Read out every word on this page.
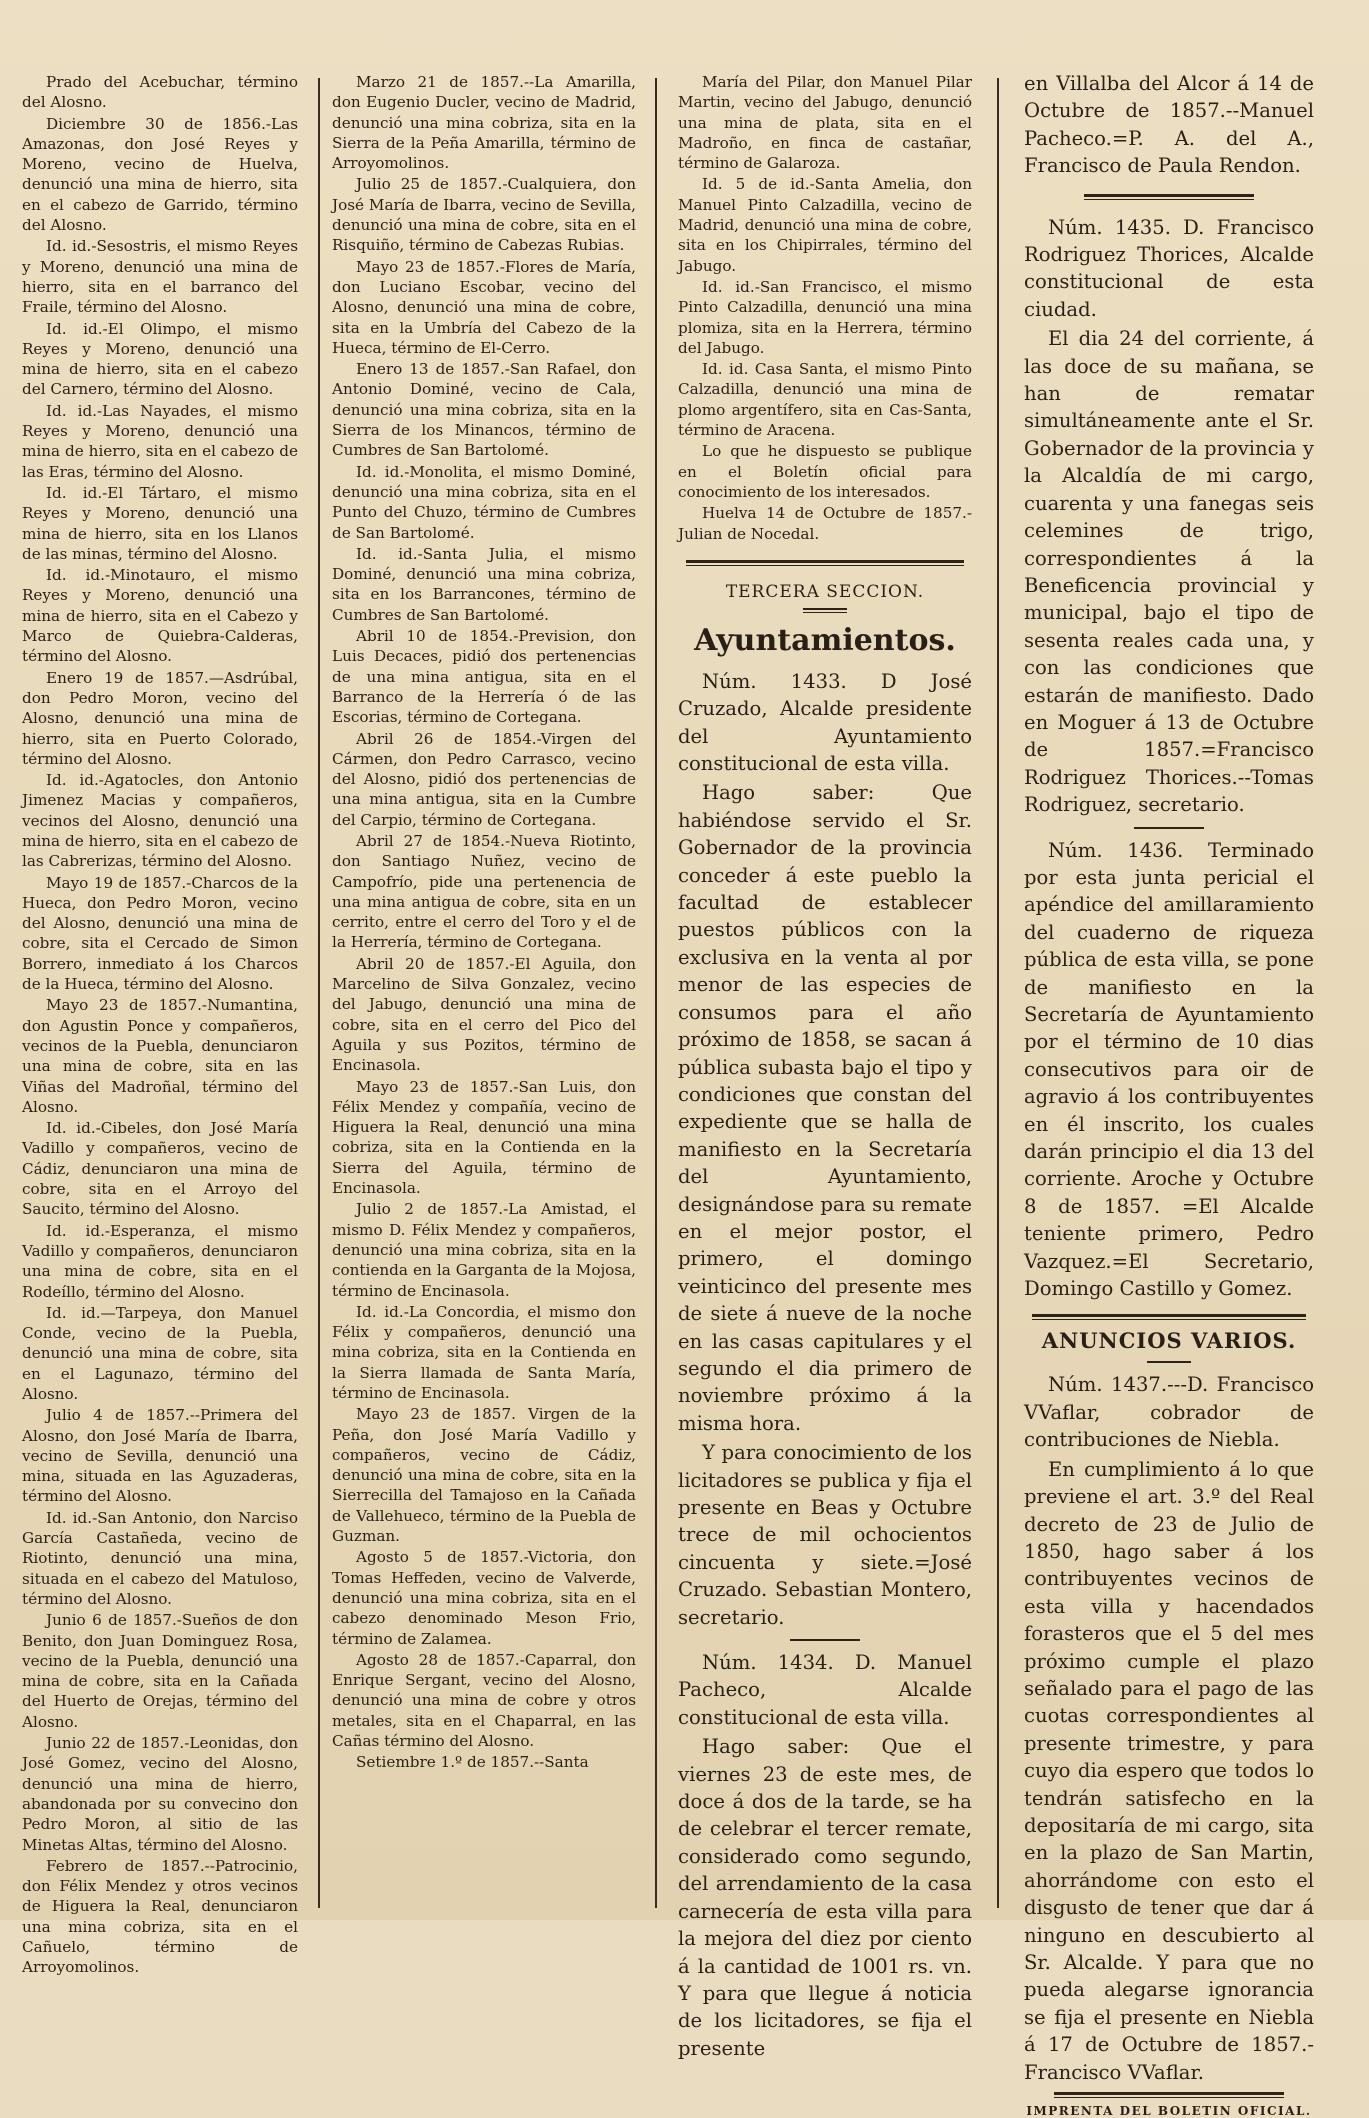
Prado del Acebuchar, término del Alosno.

Diciembre 30 de 1856.-Las Amazonas, don José Reyes y Moreno, vecino de Huelva, denunció una mina de hierro, sita en el cabezo de Garrido, término del Alosno.

Id. id.-Sesostris, el mismo Reyes y Moreno, denunció una mina de hierro, sita en el barranco del Fraile, término del Alosno.

Id. id.-El Olimpo, el mismo Reyes y Moreno, denunció una mina de hierro, sita en el cabezo del Carnero, término del Alosno.

Id. id.-Las Nayades, el mismo Reyes y Moreno, denunció una mina de hierro, sita en el cabezo de las Eras, término del Alosno.

Id. id.-El Tártaro, el mismo Reyes y Moreno, denunció una mina de hierro, sita en los Llanos de las minas, término del Alosno.

Id. id.-Minotauro, el mismo Reyes y Moreno, denunció una mina de hierro, sita en el Cabezo y Marco de Quiebra-Calderas, término del Alosno.

Enero 19 de 1857.—Asdrúbal, don Pedro Moron, vecino del Alosno, denunció una mina de hierro, sita en Puerto Colorado, término del Alosno.

Id. id.-Agatocles, don Antonio Jimenez Macias y compañeros, vecinos del Alosno, denunció una mina de hierro, sita en el cabezo de las Cabrerizas, término del Alosno.

Mayo 19 de 1857.-Charcos de la Hueca, don Pedro Moron, vecino del Alosno, denunció una mina de cobre, sita el Cercado de Simon Borrero, inmediato á los Charcos de la Hueca, término del Alosno.

Mayo 23 de 1857.-Numantina, don Agustin Ponce y compañeros, vecinos de la Puebla, denunciaron una mina de cobre, sita en las Viñas del Madroñal, término del Alosno.

Id. id.-Cibeles, don José María Vadillo y compañeros, vecino de Cádiz, denunciaron una mina de cobre, sita en el Arroyo del Saucito, término del Alosno.

Id. id.-Esperanza, el mismo Vadillo y compañeros, denunciaron una mina de cobre, sita en el Rodeíllo, término del Alosno.

Id. id.—Tarpeya, don Manuel Conde, vecino de la Puebla, denunció una mina de cobre, sita en el Lagunazo, término del Alosno.

Julio 4 de 1857.--Primera del Alosno, don José María de Ibarra, vecino de Sevilla, denunció una mina, situada en las Aguzaderas, término del Alosno.

Id. id.-San Antonio, don Narciso García Castañeda, vecino de Riotinto, denunció una mina, situada en el cabezo del Matuloso, término del Alosno.

Junio 6 de 1857.-Sueños de don Benito, don Juan Dominguez Rosa, vecino de la Puebla, denunció una mina de cobre, sita en la Cañada del Huerto de Orejas, término del Alosno.

Junio 22 de 1857.-Leonidas, don José Gomez, vecino del Alosno, denunció una mina de hierro, abandonada por su convecino don Pedro Moron, al sitio de las Minetas Altas, término del Alosno.

Febrero de 1857.--Patrocinio, don Félix Mendez y otros vecinos de Higuera la Real, denunciaron una mina cobriza, sita en el Cañuelo, término de Arroyomolinos.

Marzo 21 de 1857.--La Amarilla, don Eugenio Ducler, vecino de Madrid, denunció una mina cobriza, sita en la Sierra de la Peña Amarilla, término de Arroyomolinos.

Julio 25 de 1857.-Cualquiera, don José María de Ibarra, vecino de Sevilla, denunció una mina de cobre, sita en el Risquiño, término de Cabezas Rubias.

Mayo 23 de 1857.-Flores de María, don Luciano Escobar, vecino del Alosno, denunció una mina de cobre, sita en la Umbría del Cabezo de la Hueca, término de El-Cerro.

Enero 13 de 1857.-San Rafael, don Antonio Dominé, vecino de Cala, denunció una mina cobriza, sita en la Sierra de los Minancos, término de Cumbres de San Bartolomé.

Id. id.-Monolita, el mismo Dominé, denunció una mina cobriza, sita en el Punto del Chuzo, término de Cumbres de San Bartolomé.

Id. id.-Santa Julia, el mismo Dominé, denunció una mina cobriza, sita en los Barrancones, término de Cumbres de San Bartolomé.

Abril 10 de 1854.-Prevision, don Luis Decaces, pidió dos pertenencias de una mina antigua, sita en el Barranco de la Herrería ó de las Escorias, término de Cortegana.

Abril 26 de 1854.-Virgen del Cármen, don Pedro Carrasco, vecino del Alosno, pidió dos pertenencias de una mina antigua, sita en la Cumbre del Carpio, término de Cortegana.

Abril 27 de 1854.-Nueva Riotinto, don Santiago Nuñez, vecino de Campofrío, pide una pertenencia de una mina antigua de cobre, sita en un cerrito, entre el cerro del Toro y el de la Herrería, término de Cortegana.

Abril 20 de 1857.-El Aguila, don Marcelino de Silva Gonzalez, vecino del Jabugo, denunció una mina de cobre, sita en el cerro del Pico del Aguila y sus Pozitos, término de Encinasola.

Mayo 23 de 1857.-San Luis, don Félix Mendez y compañía, vecino de Higuera la Real, denunció una mina cobriza, sita en la Contienda en la Sierra del Aguila, término de Encinasola.

Julio 2 de 1857.-La Amistad, el mismo D. Félix Mendez y compañeros, denunció una mina cobriza, sita en la contienda en la Garganta de la Mojosa, término de Encinasola.

Id. id.-La Concordia, el mismo don Félix y compañeros, denunció una mina cobriza, sita en la Contienda en la Sierra llamada de Santa María, término de Encinasola.

Mayo 23 de 1857. Virgen de la Peña, don José María Vadillo y compañeros, vecino de Cádiz, denunció una mina de cobre, sita en la Sierrecilla del Tamajoso en la Cañada de Vallehueco, término de la Puebla de Guzman.

Agosto 5 de 1857.-Victoria, don Tomas Heffeden, vecino de Valverde, denunció una mina cobriza, sita en el cabezo denominado Meson Frio, término de Zalamea.

Agosto 28 de 1857.-Caparral, don Enrique Sergant, vecino del Alosno, denunció una mina de cobre y otros metales, sita en el Chaparral, en las Cañas término del Alosno.

Setiembre 1.º de 1857.--Santa

María del Pilar, don Manuel Pilar Martin, vecino del Jabugo, denunció una mina de plata, sita en el Madroño, en finca de castañar, término de Galaroza.

Id. 5 de id.-Santa Amelia, don Manuel Pinto Calzadilla, vecino de Madrid, denunció una mina de cobre, sita en los Chipirrales, término del Jabugo.

Id. id.-San Francisco, el mismo Pinto Calzadilla, denunció una mina plomiza, sita en la Herrera, término del Jabugo.

Id. id. Casa Santa, el mismo Pinto Calzadilla, denunció una mina de plomo argentífero, sita en Cas-Santa, término de Aracena.

Lo que he dispuesto se publique en el Boletín oficial para conocimiento de los interesados.

Huelva 14 de Octubre de 1857.-Julian de Nocedal.

TERCERA SECCION.
Ayuntamientos.

Núm. 1433. D José Cruzado, Alcalde presidente del Ayuntamiento constitucional de esta villa.

Hago saber: Que habiéndose servido el Sr. Gobernador de la provincia conceder á este pueblo la facultad de establecer puestos públicos con la exclusiva en la venta al por menor de las especies de consumos para el año próximo de 1858, se sacan á pública subasta bajo el tipo y condiciones que constan del expediente que se halla de manifiesto en la Secretaría del Ayuntamiento, designándose para su remate en el mejor postor, el primero, el domingo veinticinco del presente mes de siete á nueve de la noche en las casas capitulares y el segundo el dia primero de noviembre próximo á la misma hora.

Y para conocimiento de los licitadores se publica y fija el presente en Beas y Octubre trece de mil ochocientos cincuenta y siete.=José Cruzado. Sebastian Montero, secretario.

Núm. 1434. D. Manuel Pacheco, Alcalde constitucional de esta villa.

Hago saber: Que el viernes 23 de este mes, de doce á dos de la tarde, se ha de celebrar el tercer remate, considerado como segundo, del arrendamiento de la casa carnecería de esta villa para la mejora del diez por ciento á la cantidad de 1001 rs. vn. Y para que llegue á noticia de los licitadores, se fija el presente

en Villalba del Alcor á 14 de Octubre de 1857.--Manuel Pacheco.=P. A. del A., Francisco de Paula Rendon.

Núm. 1435. D. Francisco Rodriguez Thorices, Alcalde constitucional de esta ciudad.

El dia 24 del corriente, á las doce de su mañana, se han de rematar simultáneamente ante el Sr. Gobernador de la provincia y la Alcaldía de mi cargo, cuarenta y una fanegas seis celemines de trigo, correspondientes á la Beneficencia provincial y municipal, bajo el tipo de sesenta reales cada una, y con las condiciones que estarán de manifiesto. Dado en Moguer á 13 de Octubre de 1857.=Francisco Rodriguez Thorices.--Tomas Rodriguez, secretario.

Núm. 1436. Terminado por esta junta pericial el apéndice del amillaramiento del cuaderno de riqueza pública de esta villa, se pone de manifiesto en la Secretaría de Ayuntamiento por el término de 10 dias consecutivos para oir de agravio á los contribuyentes en él inscrito, los cuales darán principio el dia 13 del corriente. Aroche y Octubre 8 de 1857. =El Alcalde teniente primero, Pedro Vazquez.=El Secretario, Domingo Castillo y Gomez.

ANUNCIOS VARIOS.

Núm. 1437.---D. Francisco VVaflar, cobrador de contribuciones de Niebla.

En cumplimiento á lo que previene el art. 3.º del Real decreto de 23 de Julio de 1850, hago saber á los contribuyentes vecinos de esta villa y hacendados forasteros que el 5 del mes próximo cumple el plazo señalado para el pago de las cuotas correspondientes al presente trimestre, y para cuyo dia espero que todos lo tendrán satisfecho en la depositaría de mi cargo, sita en la plazo de San Martin, ahorrándome con esto el disgusto de tener que dar á ninguno en descubierto al Sr. Alcalde. Y para que no pueda alegarse ignorancia se fija el presente en Niebla á 17 de Octubre de 1857.-Francisco VVaflar.

IMPRENTA DEL BOLETIN OFICIAL.
